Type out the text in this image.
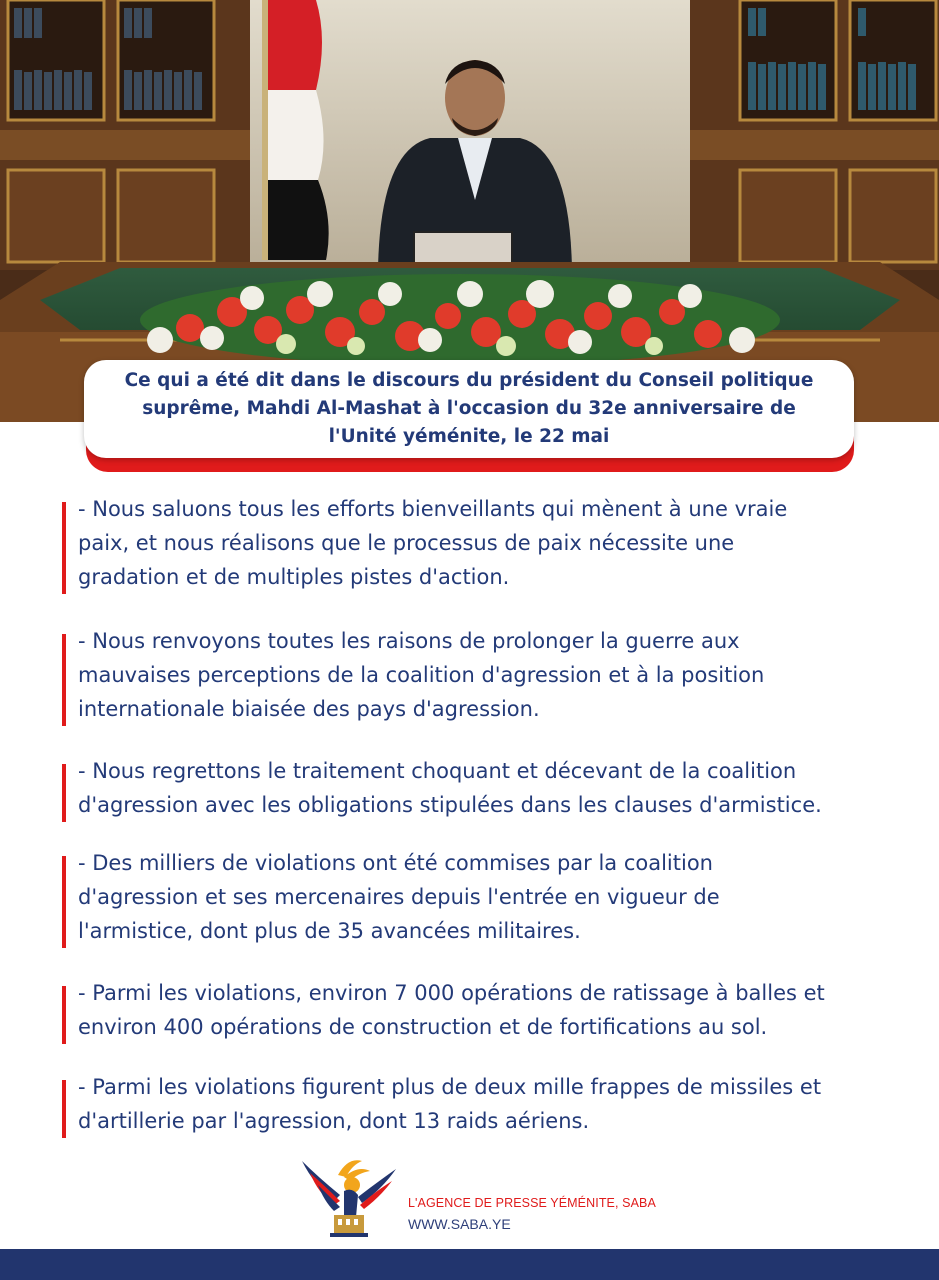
Ce qui a été dit dans le discours du président du Conseil politique suprême, Mahdi Al-Mashat à l'occasion du 32e anniversaire de l'Unité yéménite, le 22 mai
- Nous saluons tous les efforts bienveillants qui mènent à une vraie
paix, et nous réalisons que le processus de paix nécessite une
gradation et de multiples pistes d'action.
- Nous renvoyons toutes les raisons de prolonger la guerre aux
mauvaises perceptions de la coalition d'agression et à la position
internationale biaisée des pays d'agression.
- Nous regrettons le traitement choquant et décevant de la coalition
d'agression avec les obligations stipulées dans les clauses d'armistice.
- Des milliers de violations ont été commises par la coalition
d'agression et ses mercenaires depuis l'entrée en vigueur de
l'armistice, dont plus de 35 avancées militaires.
- Parmi les violations, environ 7 000 opérations de ratissage à balles et
environ 400 opérations de construction et de fortifications au sol.
- Parmi les violations figurent plus de deux mille frappes de missiles et
d'artillerie par l'agression, dont 13 raids aériens.
L'AGENCE DE PRESSE YÉMÉNITE, SABA
WWW.SABA.YE
